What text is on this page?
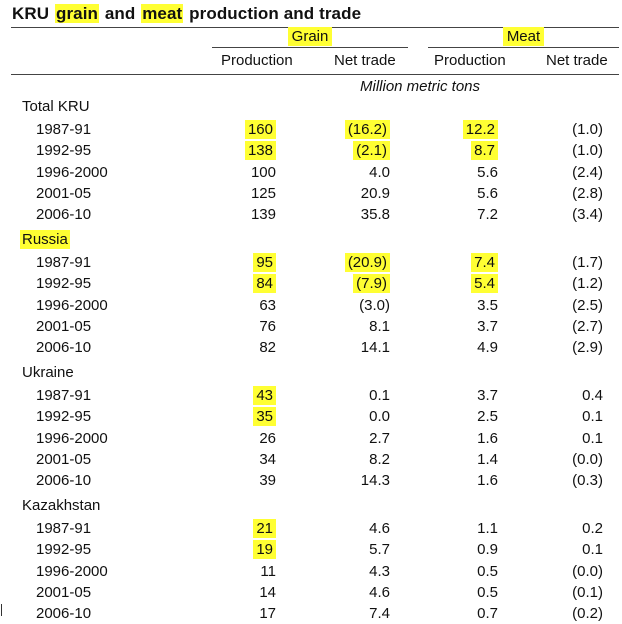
KRU grain and meat production and trade
Grain	Meat
Production	Net trade	Production	Net trade
Million metric tons
Total KRU
1987-91	160	(16.2)	12.2	(1.0)
1992-95	138	(2.1)	8.7	(1.0)
1996-2000	100	4.0	5.6	(2.4)
2001-05	125	20.9	5.6	(2.8)
2006-10	139	35.8	7.2	(3.4)
Russia
1987-91	95	(20.9)	7.4	(1.7)
1992-95	84	(7.9)	5.4	(1.2)
1996-2000	63	(3.0)	3.5	(2.5)
2001-05	76	8.1	3.7	(2.7)
2006-10	82	14.1	4.9	(2.9)
Ukraine
1987-91	43	0.1	3.7	0.4
1992-95	35	0.0	2.5	0.1
1996-2000	26	2.7	1.6	0.1
2001-05	34	8.2	1.4	(0.0)
2006-10	39	14.3	1.6	(0.3)
Kazakhstan
1987-91	21	4.6	1.1	0.2
1992-95	19	5.7	0.9	0.1
1996-2000	11	4.3	0.5	(0.0)
2001-05	14	4.6	0.5	(0.1)
2006-10	17	7.4	0.7	(0.2)
